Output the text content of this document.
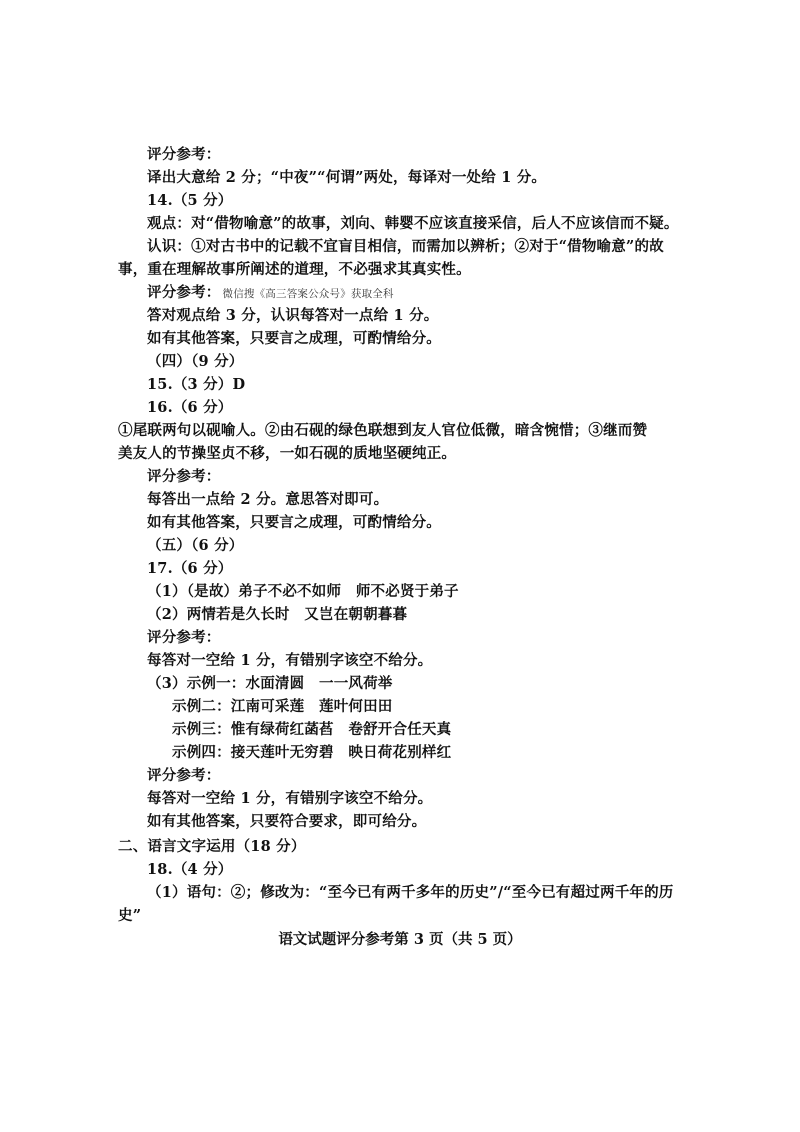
评分参考：
译出大意给 2 分；“中夜”“何谓”两处，每译对一处给 1 分。
14.（5 分）
观点：对“借物喻意”的故事，刘向、韩婴不应该直接采信，后人不应该信而不疑。
认识：①对古书中的记载不宜盲目相信，而需加以辨析；②对于“借物喻意”的故
事，重在理解故事所阐述的道理，不必强求其真实性。
评分参考： 微信搜《高三答案公众号》获取全科
答对观点给 3 分，认识每答对一点给 1 分。
如有其他答案，只要言之成理，可酌情给分。
（四）（9 分）
15.（3 分）D
16.（6 分）
①尾联两句以砚喻人。②由石砚的绿色联想到友人官位低微，暗含惋惜；③继而赞
美友人的节操坚贞不移，一如石砚的质地坚硬纯正。
评分参考：
每答出一点给 2 分。意思答对即可。
如有其他答案，只要言之成理，可酌情给分。
（五）（6 分）
17.（6 分）
（1）（是故）弟子不必不如师　师不必贤于弟子
（2）两情若是久长时　又岂在朝朝暮暮
评分参考：
每答对一空给 1 分，有错别字该空不给分。
（3）示例一：水面清圆　一一风荷举
示例二：江南可采莲　莲叶何田田
示例三：惟有绿荷红菡萏　卷舒开合任天真
示例四：接天莲叶无穷碧　映日荷花别样红
评分参考：
每答对一空给 1 分，有错别字该空不给分。
如有其他答案，只要符合要求，即可给分。
二、语言文字运用（18 分）
18.（4 分）
（1）语句：②；修改为：“至今已有两千多年的历史”/“至今已有超过两千年的历
史”
语文试题评分参考第 3 页（共 5 页）
